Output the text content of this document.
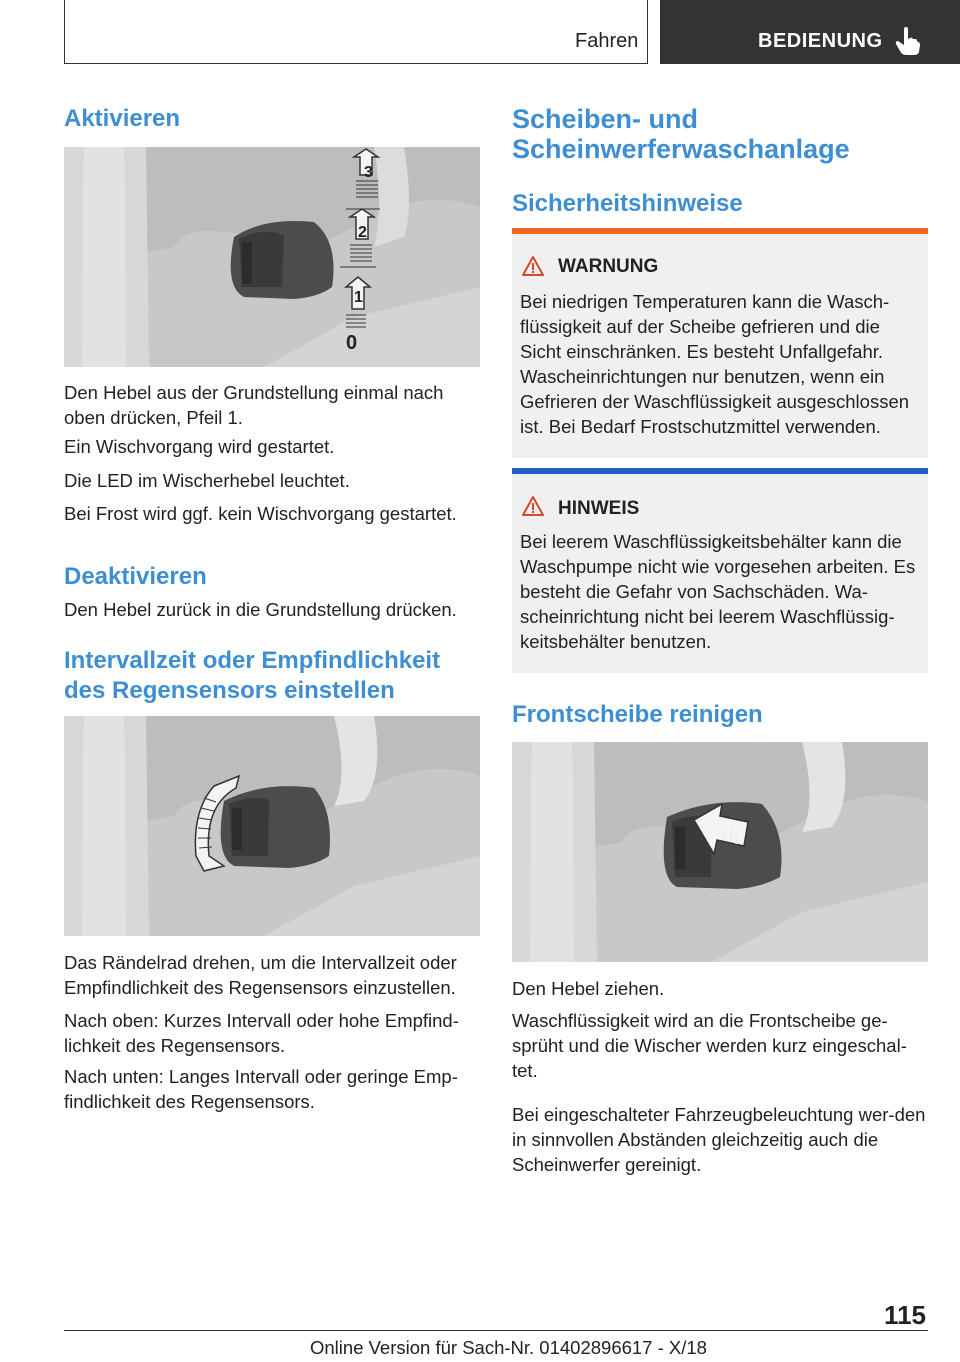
Fahren	BEDIENUNG
Aktivieren
3
2
1
0

Den Hebel aus der Grundstellung einmal nach oben drücken, Pfeil 1.

Ein Wischvorgang wird gestartet.

Die LED im Wischerhebel leuchtet.

Bei Frost wird ggf. kein Wischvorgang gestartet.

Deaktivieren

Den Hebel zurück in die Grundstellung drücken.

Intervallzeit oder Empfindlichkeit
des Regensensors einstellen

Das Rändelrad drehen, um die Intervallzeit oder Empfindlichkeit des Regensensors einzustellen.

Nach oben: Kurzes Intervall oder hohe Empfind-lichkeit des Regensensors.

Nach unten: Langes Intervall oder geringe Emp-findlichkeit des Regensensors.

Scheiben- und
Scheinwerferwaschanlage
Sicherheitshinweise
WARNUNG

Bei niedrigen Temperaturen kann die Wasch-flüssigkeit auf der Scheibe gefrieren und die Sicht einschränken. Es besteht Unfallgefahr. Wascheinrichtungen nur benutzen, wenn ein Gefrieren der Waschflüssigkeit ausgeschlossen ist. Bei Bedarf Frostschutzmittel verwenden.

HINWEIS

Bei leerem Waschflüssigkeitsbehälter kann die Waschpumpe nicht wie vorgesehen arbeiten. Es besteht die Gefahr von Sachschäden. Wa-scheinrichtung nicht bei leerem Waschflüssig-keitsbehälter benutzen.

Frontscheibe reinigen

Den Hebel ziehen.

Waschflüssigkeit wird an die Frontscheibe ge-sprüht und die Wischer werden kurz eingeschal-tet.

Bei eingeschalteter Fahrzeugbeleuchtung wer-den in sinnvollen Abständen gleichzeitig auch die Scheinwerfer gereinigt.

115
Online Version für Sach-Nr. 01402896617 - X/18
